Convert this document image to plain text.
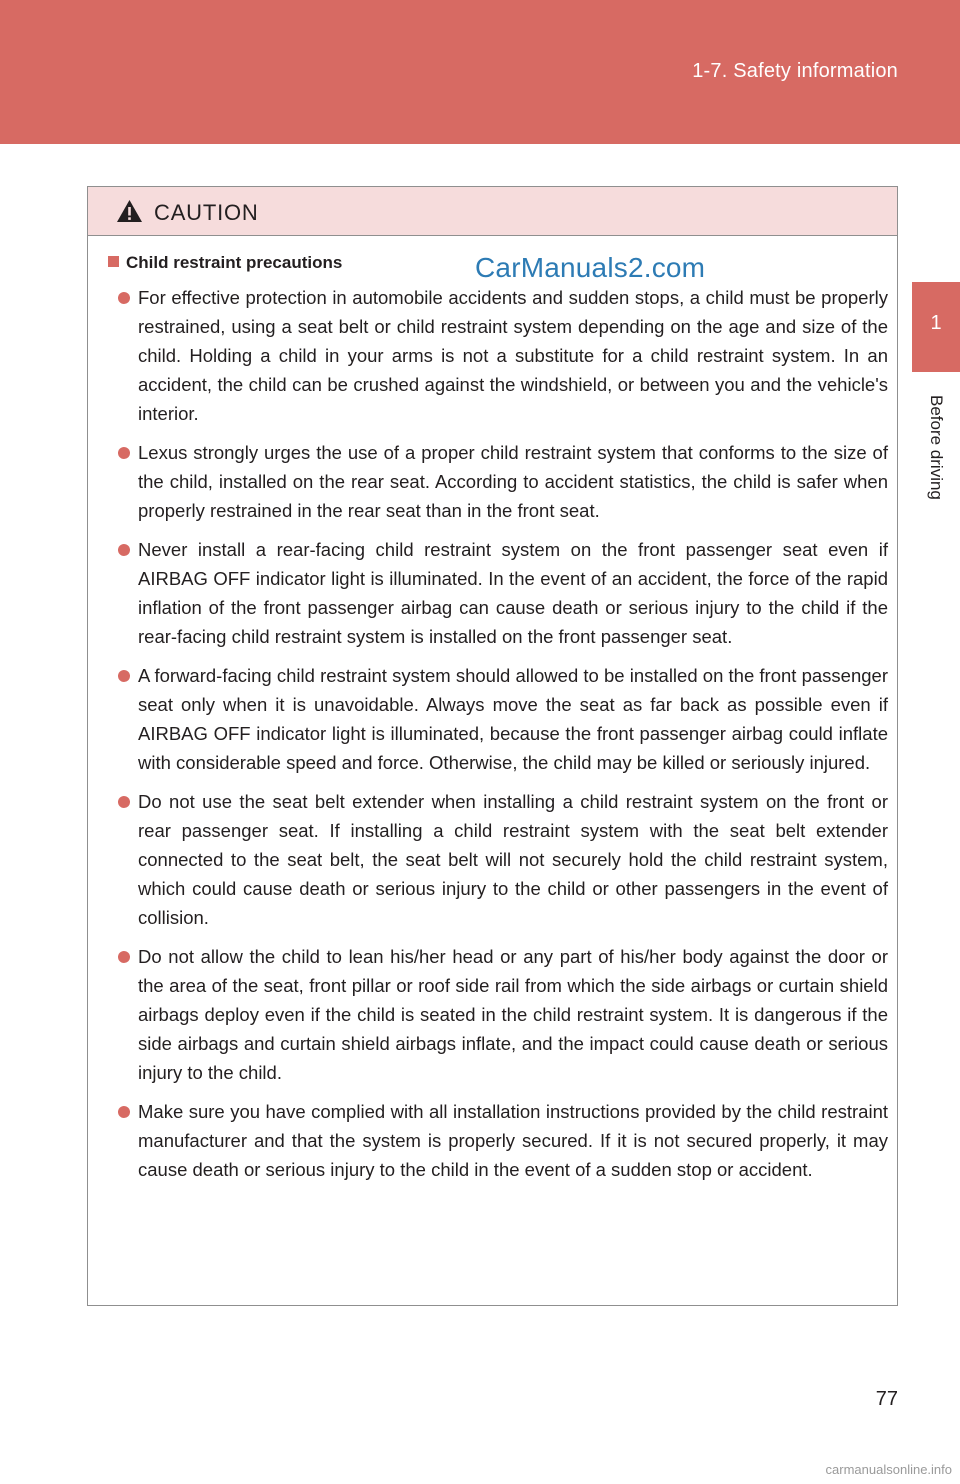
1-7. Safety information
1
Before driving
CAUTION
Child restraint precautions
For effective protection in automobile accidents and sudden stops, a child must be properly restrained, using a seat belt or child restraint system depending on the age and size of the child. Holding a child in your arms is not a substitute for a child restraint system. In an accident, the child can be crushed against the windshield, or between you and the vehicle's interior.
Lexus strongly urges the use of a proper child restraint system that conforms to the size of the child, installed on the rear seat. According to accident statistics, the child is safer when properly restrained in the rear seat than in the front seat.
Never install a rear-facing child restraint system on the front passenger seat even if AIRBAG OFF indicator light is illuminated. In the event of an accident, the force of the rapid inflation of the front passenger airbag can cause death or serious injury to the child if the rear-facing child restraint system is installed on the front passenger seat.
A forward-facing child restraint system should allowed to be installed on the front passenger seat only when it is unavoidable. Always move the seat as far back as possible even if AIRBAG OFF indicator light is illuminated, because the front passenger airbag could inflate with considerable speed and force. Otherwise, the child may be killed or seriously injured.
Do not use the seat belt extender when installing a child restraint system on the front or rear passenger seat. If installing a child restraint system with the seat belt extender connected to the seat belt, the seat belt will not securely hold the child restraint system, which could cause death or serious injury to the child or other passengers in the event of collision.
Do not allow the child to lean his/her head or any part of his/her body against the door or the area of the seat, front pillar or roof side rail from which the side airbags or curtain shield airbags deploy even if the child is seated in the child restraint system. It is dangerous if the side airbags and curtain shield airbags inflate, and the impact could cause death or serious injury to the child.
Make sure you have complied with all installation instructions provided by the child restraint manufacturer and that the system is properly secured. If it is not secured properly, it may cause death or serious injury to the child in the event of a sudden stop or accident.
CarManuals2.com
77
carmanualsonline.info
